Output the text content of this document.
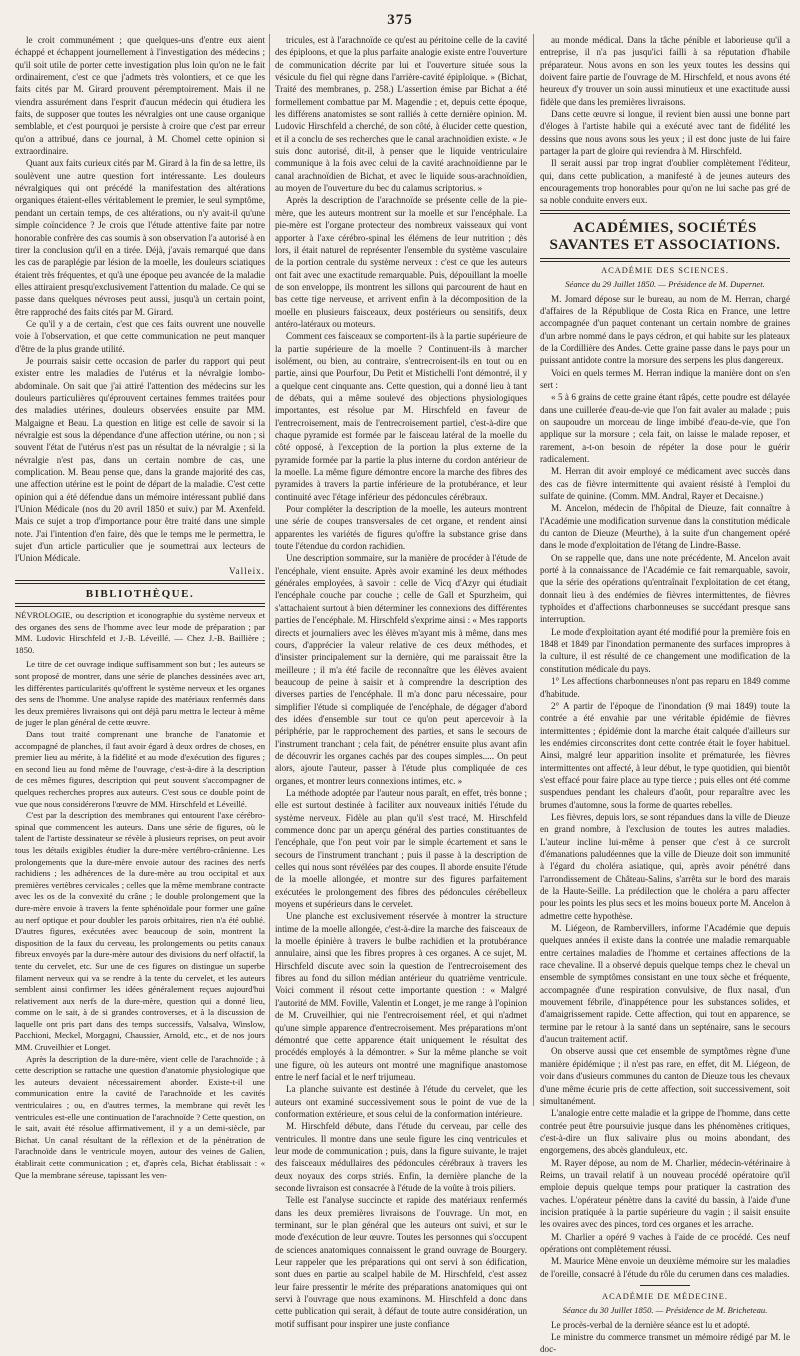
375

le croit communément ; que quelques-uns d'entre eux aient échappé et échappent journellement à l'investigation des médecins ; qu'il soit utile de porter cette investigation plus loin qu'on ne le fait ordinairement, c'est ce que j'admets très volontiers, et ce que les faits cités par M. Girard prouvent péremptoirement. Mais il ne viendra assurément dans l'esprit d'aucun médecin qui étudiera les faits, de supposer que toutes les névralgies ont une cause organique semblable, et c'est pourquoi je persiste à croire que c'est par erreur qu'on a attribué, dans ce journal, à M. Chomel cette opinion si extraordinaire.

Quant aux faits curieux cités par M. Girard à la fin de sa lettre, ils soulèvent une autre question fort intéressante. Les douleurs névralgiques qui ont précédé la manifestation des altérations organiques étaient-elles véritablement le premier, le seul symptôme, pendant un certain temps, de ces altérations, ou n'y avait-il qu'une simple coïncidence ? Je crois que l'étude attentive faite par notre honorable confrère des cas soumis à son observation l'a autorisé à en tirer la conclusion qu'il en a tirée. Déjà, j'avais remarqué que dans les cas de paraplégie par lésion de la moelle, les douleurs sciatiques étaient très fréquentes, et qu'à une époque peu avancée de la maladie elles attiraient presqu'exclusivement l'attention du malade. Ce qui se passe dans quelques névroses peut aussi, jusqu'à un certain point, être rapproché des faits cités par M. Girard.

Ce qu'il y a de certain, c'est que ces faits ouvrent une nouvelle voie à l'observation, et que cette communication ne peut manquer d'être de la plus grande utilité.

Je pourrais saisir cette occasion de parler du rapport qui peut exister entre les maladies de l'utérus et la névralgie lombo-abdominale. On sait que j'ai attiré l'attention des médecins sur les douleurs particulières qu'éprouvent certaines femmes traitées pour des maladies utérines, douleurs observées ensuite par MM. Malgaigne et Beau. La question en litige est celle de savoir si la névralgie est sous la dépendance d'une affection utérine, ou non ; si souvent l'état de l'utérus n'est pas un résultat de la névralgie ; si la névralgie n'est pas, dans un certain nombre de cas, une complication. M. Beau pense que, dans la grande majorité des cas, une affection utérine est le point de départ de la maladie. C'est cette opinion qui a été défendue dans un mémoire intéressant publié dans l'Union Médicale (nos du 20 avril 1850 et suiv.) par M. Axenfeld. Mais ce sujet a trop d'importance pour être traité dans une simple note. J'ai l'intention d'en faire, dès que le temps me le permettra, le sujet d'un article particulier que je soumettrai aux lecteurs de l'Union Médicale.

Valleix.

BIBLIOTHÈQUE.

NÉVROLOGIE, ou description et iconographie du système nerveux et des organes des sens de l'homme avec leur mode de préparation ; par MM. Ludovic Hirschfeld et J.-B. Léveillé. — Chez J.-B. Baillière ; 1850.

Le titre de cet ouvrage indique suffisamment son but ; les auteurs se sont proposé de montrer, dans une série de planches dessinées avec art, les différentes particularités qu'offrent le système nerveux et les organes des sens de l'homme. Une analyse rapide des matériaux renfermés dans les deux premières livraisons qui ont déjà paru mettra le lecteur à même de juger le plan général de cette œuvre.

Dans tout traité comprenant une branche de l'anatomie et accompagné de planches, il faut avoir égard à deux ordres de choses, en premier lieu au mérite, à la fidélité et au mode d'exécution des figures ; en second lieu au fond même de l'ouvrage, c'est-à-dire à la description de ces mêmes figures, description qui peut souvent s'accompagner de quelques recherches propres aux auteurs. C'est sous ce double point de vue que nous considérerons l'œuvre de MM. Hirschfeld et Léveillé.

C'est par la description des membranes qui entourent l'axe cérébro-spinal que commencent les auteurs. Dans une série de figures, où le talent de l'artiste dessinateur se révèle à plusieurs reprises, on peut avoir tous les détails exigibles étudier la dure-mère vertébro-crânienne. Les prolongements que la dure-mère envoie autour des racines des nerfs rachidiens ; les adhérences de la dure-mère au trou occipital et aux premières vertèbres cervicales ; celles que la même membrane contracte avec les os de la convexité du crâne ; le double prolongement que la dure-mère envoie à travers la fente sphénoïdale pour former une gaîne au nerf optique et pour doubler les parois orbitaires, rien n'a été oublié. D'autres figures, exécutées avec beaucoup de soin, montrent la disposition de la faux du cerveau, les prolongements ou petits canaux fibreux envoyés par la dure-mère autour des divisions du nerf olfactif, la tente du cervelet, etc. Sur une de ces figures on distingue un superbe filament nerveux qui va se rendre à la tente du cervelet, et les auteurs semblent ainsi confirmer les idées généralement reçues aujourd'hui relativement aux nerfs de la dure-mère, question qui a donné lieu, comme on le sait, à de si grandes controverses, et à la discussion de laquelle ont pris part dans des temps successifs, Valsalva, Winslow, Pacchioni, Meckel, Morgagni, Chaussier, Arnold, etc., et de nos jours MM. Cruveilhier et Longet.

Après la description de la dure-mère, vient celle de l'arachnoïde ; à cette description se rattache une question d'anatomie physiologique que les auteurs devaient nécessairement aborder. Existe-t-il une communication entre la cavité de l'arachnoïde et les cavités ventriculaires ; ou, en d'autres termes, la membrane qui revêt les ventricules est-elle une continuation de l'arachnoïde ? Cette question, on le sait, avait été résolue affirmativement, il y a un demi-siècle, par Bichat. Un canal résultant de la réflexion et de la pénétration de l'arachnoïde dans le ventricule moyen, autour des veines de Galien, établirait cette communication ; et, d'après cela, Bichat établissait : « Que la membrane séreuse, tapissant les ven-

tricules, est à l'arachnoïde ce qu'est au péritoine celle de la cavité des épiploons, et que la plus parfaite analogie existe entre l'ouverture de communication décrite par lui et l'ouverture située sous la vésicule du fiel qui règne dans l'arrière-cavité épiploïque. » (Bichat, Traité des membranes, p. 258.) L'assertion émise par Bichat a été formellement combattue par M. Magendie ; et, depuis cette époque, les différens anatomistes se sont ralliés à cette dernière opinion. M. Ludovic Hirschfeld a cherché, de son côté, à élucider cette question, et il a conclu de ses recherches que le canal arachnoïdien existe. « Je suis donc autorisé, dit-il, à penser que le liquide ventriculaire communique à la fois avec celui de la cavité arachnoïdienne par le canal arachnoïdien de Bichat, et avec le liquide sous-arachnoïdien, au moyen de l'ouverture du bec du calamus scriptorius. »

Après la description de l'arachnoïde se présente celle de la pie-mère, que les auteurs montrent sur la moelle et sur l'encéphale. La pie-mère est l'organe protecteur des nombreux vaisseaux qui vont apporter à l'axe cérébro-spinal les élémens de leur nutrition ; dès lors, il était naturel de représenter l'ensemble du système vasculaire de la portion centrale du système nerveux : c'est ce que les auteurs ont fait avec une exactitude remarquable. Puis, dépouillant la moelle de son enveloppe, ils montrent les sillons qui parcourent de haut en bas cette tige nerveuse, et arrivent enfin à la décomposition de la moelle en plusieurs faisceaux, deux postérieurs ou sensitifs, deux antéro-latéraux ou moteurs.

Comment ces faisceaux se comportent-ils à la partie supérieure de la partie supérieure de la moelle ? Continuent-ils à marcher isolément, ou bien, au contraire, s'entrecroisent-ils en tout ou en partie, ainsi que Pourfour, Du Petit et Mistichelli l'ont démontré, il y a quelque cent cinquante ans. Cette question, qui a donné lieu à tant de débats, qui a même soulevé des objections physiologiques importantes, est résolue par M. Hirschfeld en faveur de l'entrecroisement, mais de l'entrecroisement partiel, c'est-à-dire que chaque pyramide est formée par le faisceau latéral de la moelle du côté opposé, à l'exception de la portion la plus externe de la pyramide formée par la partie la plus interne du cordon antérieur de la moelle. La même figure démontre encore la marche des fibres des pyramides à travers la partie inférieure de la protubérance, et leur continuité avec l'étage inférieur des pédoncules cérébraux.

Pour compléter la description de la moelle, les auteurs montrent une série de coupes transversales de cet organe, et rendent ainsi apparentes les variétés de figures qu'offre la substance grise dans toute l'étendue du cordon rachidien.

Une description sommaire, sur la manière de procéder à l'étude de l'encéphale, vient ensuite. Après avoir examiné les deux méthodes générales employées, à savoir : celle de Vicq d'Azyr qui étudiait l'encéphale couche par couche ; celle de Gall et Spurzheim, qui s'attachaient surtout à bien déterminer les connexions des différentes parties de l'encéphale. M. Hirschfeld s'exprime ainsi : « Mes rapports directs et journaliers avec les élèves m'ayant mis à même, dans mes cours, d'apprécier la valeur relative de ces deux méthodes, et d'insister principalement sur la dernière, qui me paraissait être la meilleure ; il m'a été facile de reconnaître que les élèves avaient beaucoup de peine à saisir et à comprendre la description des diverses parties de l'encéphale. Il m'a donc paru nécessaire, pour simplifier l'étude si compliquée de l'encéphale, de dégager d'abord des idées d'ensemble sur tout ce qu'on peut apercevoir à la périphérie, par le rapprochement des parties, et sans le secours de l'instrument tranchant ; cela fait, de pénétrer ensuite plus avant afin de découvrir les organes cachés par des coupes simples..... On peut alors, ajoute l'auteur, passer à l'étude plus compliquée de ces organes, et montrer leurs connexions intimes, etc. »

La méthode adoptée par l'auteur nous paraît, en effet, très bonne ; elle est surtout destinée à faciliter aux nouveaux initiés l'étude du système nerveux. Fidèle au plan qu'il s'est tracé, M. Hirschfeld commence donc par un aperçu général des parties constituantes de l'encéphale, que l'on peut voir par le simple écartement et sans le secours de l'instrument tranchant ; puis il passe à la description de celles qui nous sont révélées par des coupes. Il aborde ensuite l'étude de la moelle allongée, et montre sur des figures parfaitement exécutées le prolongement des fibres des pédoncules cérébelleux moyens et supérieurs dans le cervelet.

Une planche est exclusivement réservée à montrer la structure intime de la moelle allongée, c'est-à-dire la marche des faisceaux de la moelle épinière à travers le bulbe rachidien et la protubérance annulaire, ainsi que les fibres propres à ces organes. A ce sujet, M. Hirschfeld discute avec soin la question de l'entrecroisement des fibres au fond du sillon médian antérieur du quatrième ventricule. Voici comment il résout cette importante question : « Malgré l'autorité de MM. Foville, Valentin et Longet, je me range à l'opinion de M. Cruveilhier, qui nie l'entrecroisement réel, et qui n'admet qu'une simple apparence d'entrecroisement. Mes préparations m'ont démontré que cette apparence était uniquement le résultat des procédés employés à la démontrer. » Sur la même planche se voit une figure, où les auteurs ont montré une magnifique anastomose entre le nerf facial et le nerf trijumeau.

La planche suivante est destinée à l'étude du cervelet, que les auteurs ont examiné successivement sous le point de vue de la conformation extérieure, et sous celui de la conformation intérieure.

M. Hirschfeld débute, dans l'étude du cerveau, par celle des ventricules. Il montre dans une seule figure les cinq ventricules et leur mode de communication ; puis, dans la figure suivante, le trajet des faisceaux médullaires des pédoncules cérébraux à travers les deux noyaux des corps striés. Enfin, la dernière planche de la seconde livraison est consacrée à l'étude de la voûte à trois piliers.

Telle est l'analyse succincte et rapide des matériaux renfermés dans les deux premières livraisons de l'ouvrage. Un mot, en terminant, sur le plan général que les auteurs ont suivi, et sur le mode d'exécution de leur œuvre. Toutes les personnes qui s'occupent de sciences anatomiques connaissent le grand ouvrage de Bourgery. Leur rappeler que les préparations qui ont servi à son édification, sont dues en partie au scalpel habile de M. Hirschfeld, c'est assez leur faire pressentir le mérite des préparations anatomiques qui ont servi à l'ouvrage que nous examinons. M. Hirschfeld a donc dans cette publication qui serait, à défaut de toute autre considération, un motif suffisant pour inspirer une juste confiance

au monde médical. Dans la tâche pénible et laborieuse qu'il a entreprise, il n'a pas jusqu'ici failli à sa réputation d'habile préparateur. Nous avons en son les yeux toutes les dessins qui doivent faire partie de l'ouvrage de M. Hirschfeld, et nous avons été heureux d'y trouver un soin aussi minutieux et une exactitude aussi fidèle que dans les premières livraisons.

Dans cette œuvre si longue, il revient bien aussi une bonne part d'éloges à l'artiste habile qui a exécuté avec tant de fidélité les dessins que nous avons sous les yeux ; il est donc juste de lui faire partager la part de gloire qui reviendra à M. Hirschfeld.

Il serait aussi par trop ingrat d'oublier complètement l'éditeur, qui, dans cette publication, a manifesté à de jeunes auteurs des encouragements trop honorables pour qu'on ne lui sache pas gré de sa noble conduite envers eux.

ACADÉMIES, SOCIÉTÉS SAVANTES ET ASSOCIATIONS.
ACADÉMIE DES SCIENCES.
Séance du 29 Juillet 1850. — Présidence de M. Dupernet.

M. Jomard dépose sur le bureau, au nom de M. Herran, chargé d'affaires de la République de Costa Rica en France, une lettre accompagnée d'un paquet contenant un certain nombre de graines d'un arbre nommé dans le pays cédron, et qui habite sur les plateaux de la Cordillière des Andes. Cette graine passe dans le pays pour un puissant antidote contre la morsure des serpens les plus dangereux.

Voici en quels termes M. Herran indique la manière dont on s'en sert :

« 5 à 6 grains de cette graine étant râpés, cette poudre est délayée dans une cuillerée d'eau-de-vie que l'on fait avaler au malade ; puis on saupoudre un morceau de linge imbibé d'eau-de-vie, que l'on applique sur la morsure ; cela fait, on laisse le malade reposer, et rarement, a-t-on besoin de répéter la dose pour le guérir radicalement.

M. Herran dit avoir employé ce médicament avec succès dans des cas de fièvre intermittente qui avaient résisté à l'emploi du sulfate de quinine. (Comm. MM. Andral, Rayer et Decaisne.)

M. Ancelon, médecin de l'hôpital de Dieuze, fait connaître à l'Académie une modification survenue dans la constitution médicale du canton de Dieuze (Meurthe), à la suite d'un changement opéré dans le mode d'exploitation de l'étang de Lindre-Basse.

On se rappelle que, dans une note précédente, M. Ancelon avait porté à la connaissance de l'Académie ce fait remarquable, savoir, que la série des opérations qu'entraînait l'exploitation de cet étang, donnait lieu à des endémies de fièvres intermittentes, de fièvres typhoïdes et d'affections charbonneuses se succédant presque sans interruption.

Le mode d'exploitation ayant été modifié pour la première fois en 1848 et 1849 par l'inondation permanente des surfaces impropres à la culture, il est résulté de ce changement une modification de la constitution médicale du pays.

1° Les affections charbonneuses n'ont pas reparu en 1849 comme d'habitude.

2° A partir de l'époque de l'inondation (9 mai 1849) toute la contrée a été envahie par une véritable épidémie de fièvres intermittentes ; épidémie dont la marche était calquée d'ailleurs sur les endémies circonscrites dont cette contrée était le foyer habituel. Ainsi, malgré leur apparition insolite et prématurée, les fièvres intermittentes ont affecté, à leur début, le type quotidien, qui bientôt s'est effacé pour faire place au type tierce ; puis elles ont été comme suspendues pendant les chaleurs d'août, pour reparaître avec les brumes d'automne, sous la forme de quartes rebelles.

Les fièvres, depuis lors, se sont répandues dans la ville de Dieuze en grand nombre, à l'exclusion de toutes les autres maladies. L'auteur incline lui-même à penser que c'est à ce surcroît d'émanations paludéennes que la ville de Dieuze doit son immunité à l'égard du choléra asiatique, qui, après avoir pénétré dans l'arrondissement de Château-Salins, s'arrêta sur le bord des marais de la Haute-Seille. La prédilection que le choléra a paru affecter pour les points les plus secs et les moins boueux porte M. Ancelon à admettre cette hypothèse.

M. Liégeon, de Rambervillers, informe l'Académie que depuis quelques années il existe dans la contrée une maladie remarquable entre certaines maladies de l'homme et certaines affections de la race chevaline. Il a observé depuis quelque temps chez le cheval un ensemble de symptômes consistant en une toux sèche et fréquente, accompagnée d'une respiration convulsive, de flux nasal, d'un mouvement fébrile, d'inappétence pour les substances solides, et d'amaigrissement rapide. Cette affection, qui tout en apparence, se termine par le retour à la santé dans un septénaire, sans le secours d'aucun traitement actif.

On observe aussi que cet ensemble de symptômes règne d'une manière épidémique ; il n'est pas rare, en effet, dit M. Liégeon, de voir dans d'usieurs communes du canton de Dieuze tous les chevaux d'une même écurie pris de cette affection, soit successivement, soit simultanément.

L'analogie entre cette maladie et la grippe de l'homme, dans cette contrée peut être poursuivie jusque dans les phénomènes critiques, c'est-à-dire un flux salivaire plus ou moins abondant, des engorgemens, des abcès glanduleux, etc.

M. Rayer dépose, au nom de M. Charlier, médecin-vétérinaire à Reims, un travail relatif à un nouveau procédé opératoire qu'il emploie depuis quelque temps pour pratiquer la castration des vaches. L'opérateur pénètre dans la cavité du bassin, à l'aide d'une incision pratiquée à la partie supérieure du vagin ; il saisit ensuite les ovaires avec des pinces, tord ces organes et les arrache.

M. Charlier a opéré 9 vaches à l'aide de ce procédé. Ces neuf opérations ont complètement réussi.

M. Maurice Mène envoie un deuxième mémoire sur les maladies de l'oreille, consacré à l'étude du rôle du cerumen dans ces maladies.

ACADÉMIE DE MÉDECINE.
Séance du 30 Juillet 1850. — Présidence de M. Bricheteau.

Le procès-verbal de la dernière séance est lu et adopté.

Le ministre du commerce transmet un mémoire rédigé par M. le doc-
